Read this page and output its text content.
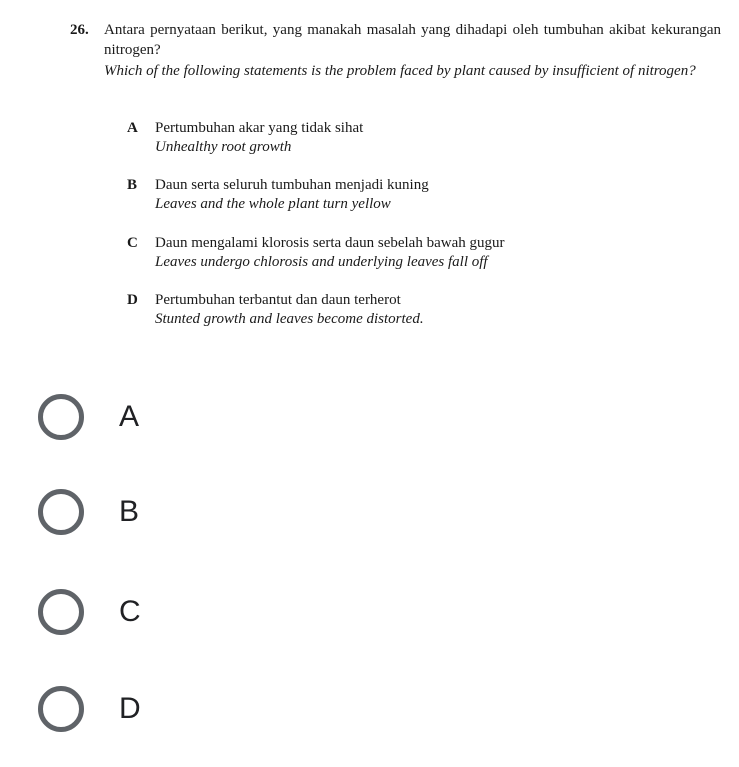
26. Antara pernyataan berikut, yang manakah masalah yang dihadapi oleh tumbuhan akibat kekurangan nitrogen?
Which of the following statements is the problem faced by plant caused by insufficient of nitrogen?
A	Pertumbuhan akar yang tidak sihat
Unhealthy root growth
B	Daun serta seluruh tumbuhan menjadi kuning
Leaves and the whole plant turn yellow
C	Daun mengalami klorosis serta daun sebelah bawah gugur
Leaves undergo chlorosis and underlying leaves fall off
D	Pertumbuhan terbantut dan daun terherot
Stunted growth and leaves become distorted.
A
B
C
D
